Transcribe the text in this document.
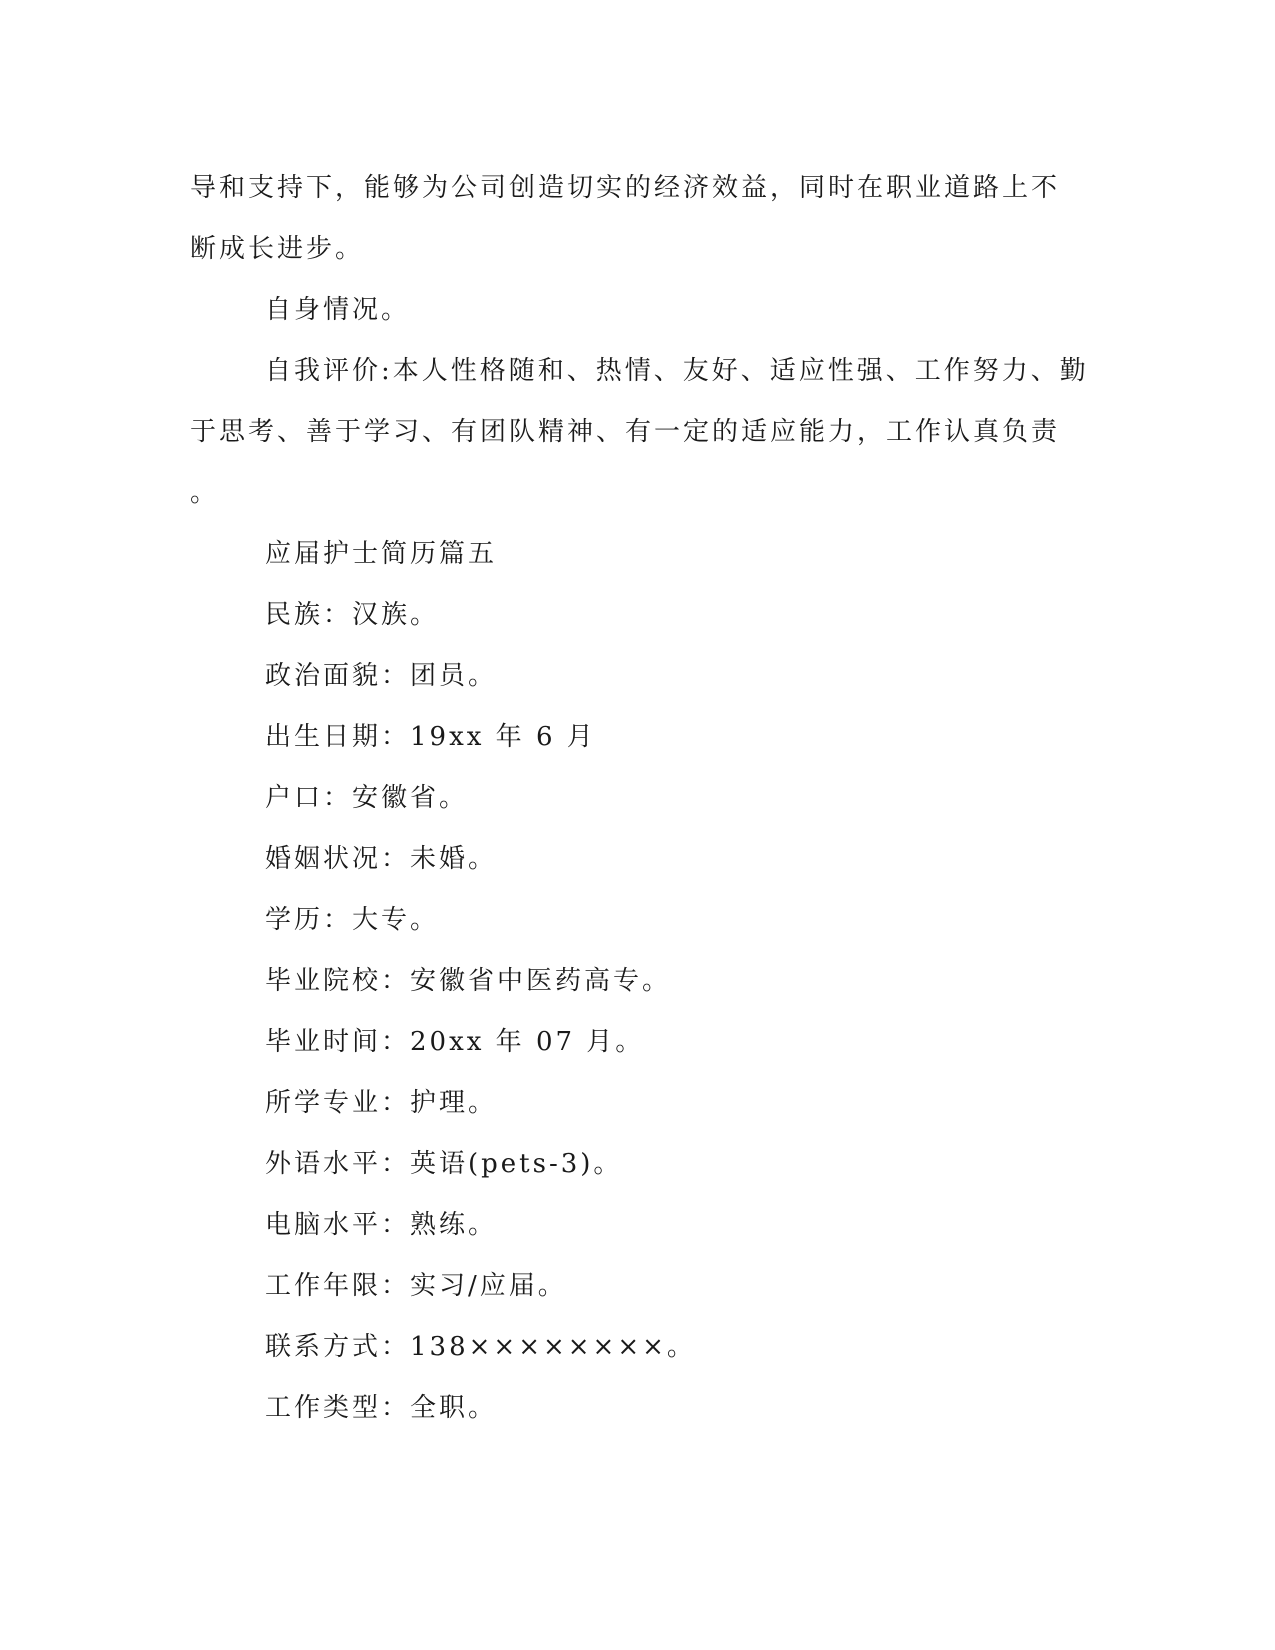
导和支持下，能够为公司创造切实的经济效益，同时在职业道路上不
断成长进步。
自身情况。
自我评价:本人性格随和、热情、友好、适应性强、工作努力、勤
于思考、善于学习、有团队精神、有一定的适应能力，工作认真负责
。
应届护士简历篇五
民族：汉族。
政治面貌：团员。
出生日期：19xx 年 6 月
户口：安徽省。
婚姻状况：未婚。
学历：大专。
毕业院校：安徽省中医药高专。
毕业时间：20xx 年 07 月。
所学专业：护理。
外语水平：英语(pets-3)。
电脑水平：熟练。
工作年限：实习/应届。
联系方式：138××××××××。
工作类型：全职。
